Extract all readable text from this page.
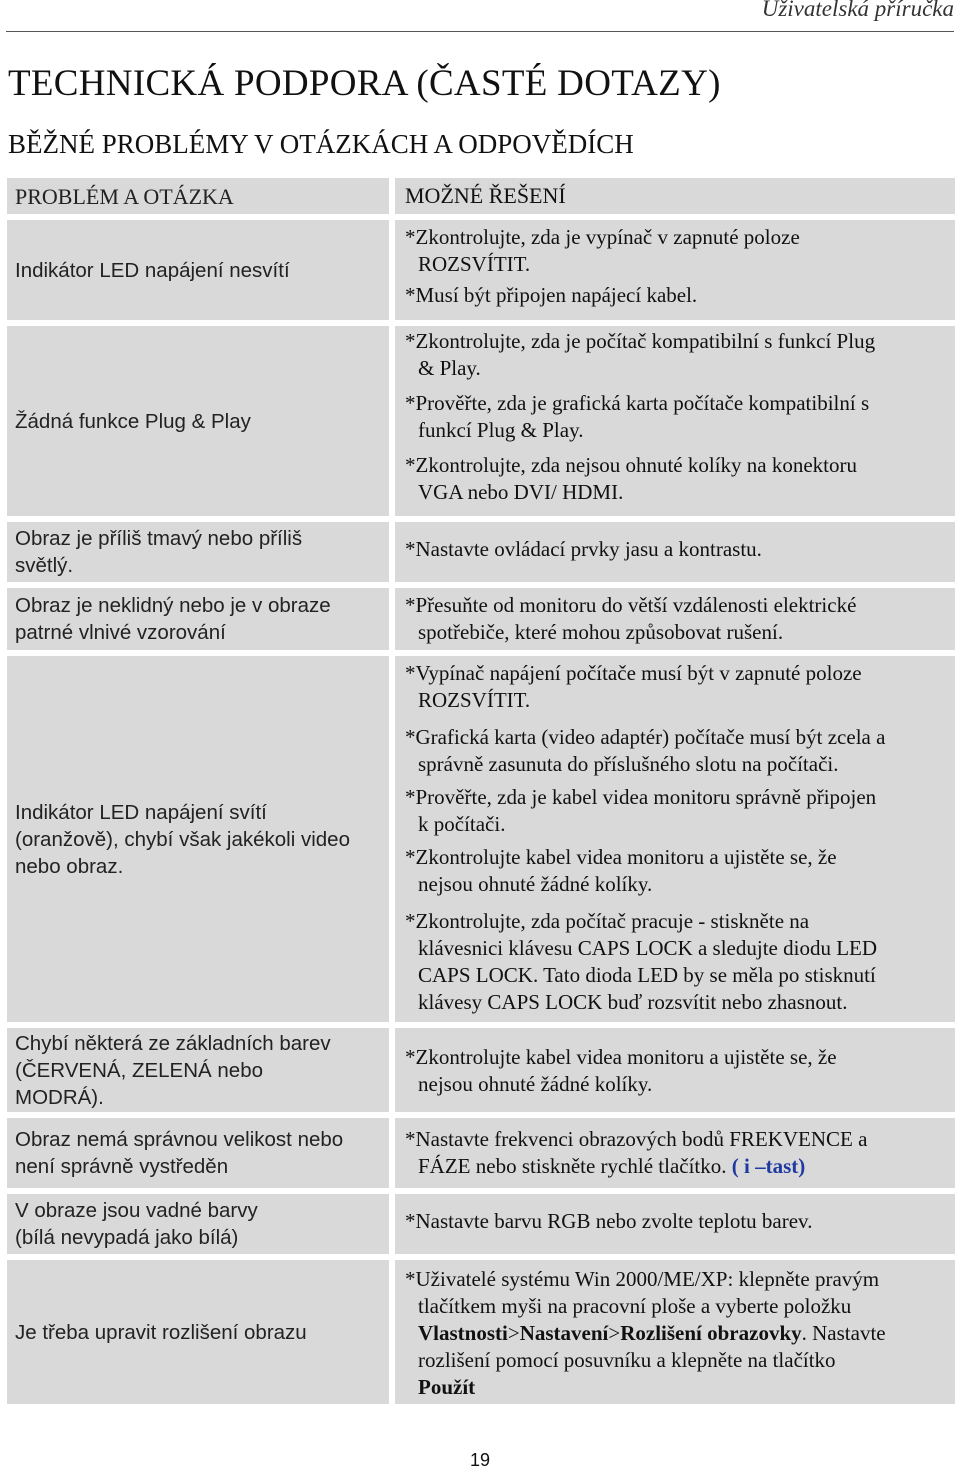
Uživatelská příručka
TECHNICKÁ PODPORA (ČASTÉ DOTAZY)
BĚŽNÉ PROBLÉMY V OTÁZKÁCH A ODPOVĚDÍCH
PROBLÉM A OTÁZKA	MOŽNÉ ŘEŠENÍ
Indikátor LED napájení nesvítí

*Zkontrolujte, zda je vypínač v zapnuté poloze
ROZSVÍTIT.

*Musí být připojen napájecí kabel.

Žádná funkce Plug & Play

*Zkontrolujte, zda je počítač kompatibilní s funkcí Plug
& Play.

*Prověřte, zda je grafická karta počítače kompatibilní s
funkcí Plug & Play.

*Zkontrolujte, zda nejsou ohnuté kolíky na konektoru
VGA nebo DVI/ HDMI.

Obraz je příliš tmavý nebo příliš
světlý.

*Nastavte ovládací prvky jasu a kontrastu.

Obraz je neklidný nebo je v obraze
patrné vlnivé vzorování

*Přesuňte od monitoru do větší vzdálenosti elektrické
spotřebiče, které mohou způsobovat rušení.

Indikátor LED napájení svítí
(oranžově), chybí však jakékoli video
nebo obraz.

*Vypínač napájení počítače musí být v zapnuté poloze
ROZSVÍTIT.

*Grafická karta (video adaptér) počítače musí být zcela a
správně zasunuta do příslušného slotu na počítači.

*Prověřte, zda je kabel videa monitoru správně připojen
k počítači.

*Zkontrolujte kabel videa monitoru a ujistěte se, že
nejsou ohnuté žádné kolíky.

*Zkontrolujte, zda počítač pracuje - stiskněte na
klávesnici klávesu CAPS LOCK a sledujte diodu LED
CAPS LOCK. Tato dioda LED by se měla po stisknutí
klávesy CAPS LOCK buď rozsvítit nebo zhasnout.

Chybí některá ze základních barev
(ČERVENÁ, ZELENÁ nebo
MODRÁ).

*Zkontrolujte kabel videa monitoru a ujistěte se, že
nejsou ohnuté žádné kolíky.

Obraz nemá správnou velikost nebo
není správně vystředěn

*Nastavte frekvenci obrazových bodů FREKVENCE a
FÁZE nebo stiskněte rychlé tlačítko. ( i –tast)

V obraze jsou vadné barvy
(bílá nevypadá jako bílá)

*Nastavte barvu RGB nebo zvolte teplotu barev.

Je třeba upravit rozlišení obrazu

*Uživatelé systému Win 2000/ME/XP: klepněte pravým
tlačítkem myši na pracovní ploše a vyberte položku
Vlastnosti>Nastavení>Rozlišení obrazovky. Nastavte
rozlišení pomocí posuvníku a klepněte na tlačítko
Použít

19
